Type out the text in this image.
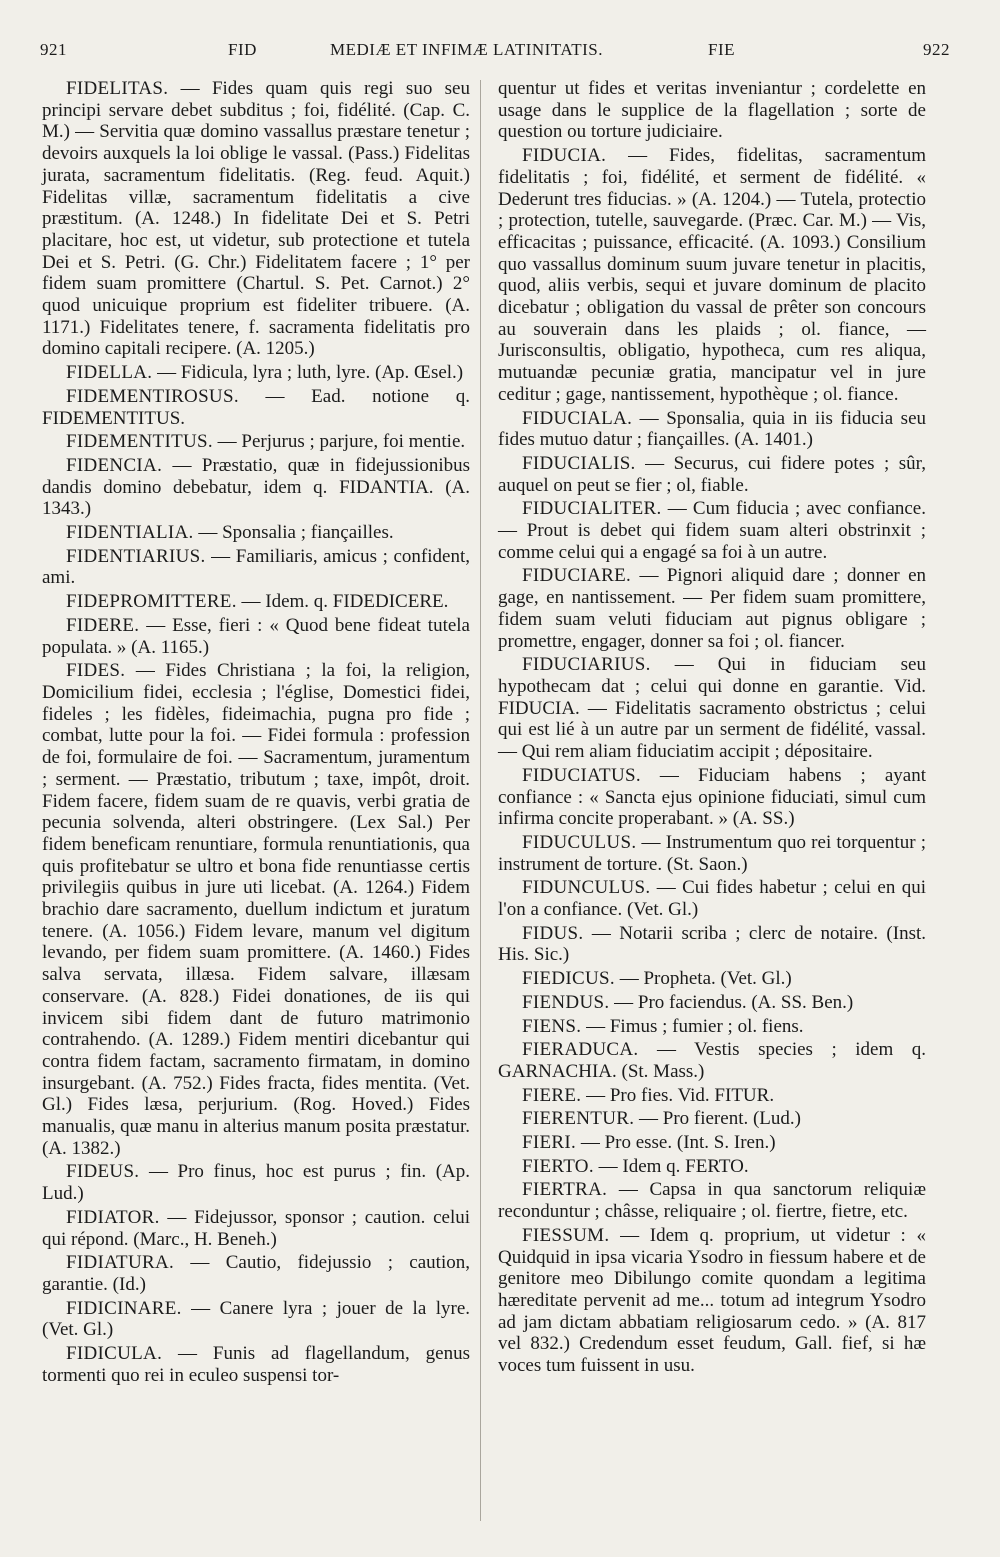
921	FID	MEDIÆ ET INFIMÆ LATINITATIS.	FIE	922

FIDELITAS. — Fides quam quis regi suo seu principi servare debet subditus ; foi, fidélité. (Cap. C. M.) — Servitia quæ domino vassallus præstare tenetur ; devoirs auxquels la loi oblige le vassal. (Pass.) Fidelitas jurata, sacramentum fidelitatis. (Reg. feud. Aquit.) Fidelitas villæ, sacramentum fidelitatis a cive præstitum. (A. 1248.) In fidelitate Dei et S. Petri placitare, hoc est, ut videtur, sub protectione et tutela Dei et S. Petri. (G. Chr.) Fidelitatem facere ; 1° per fidem suam promittere (Chartul. S. Pet. Carnot.) 2° quod unicuique proprium est fideliter tribuere. (A. 1171.) Fidelitates tenere, f. sacramenta fidelitatis pro domino capitali recipere. (A. 1205.)

FIDELLA. — Fidicula, lyra ; luth, lyre. (Ap. Œsel.)

FIDEMENTIROSUS. — Ead. notione q. FIDEMENTITUS.

FIDEMENTITUS. — Perjurus ; parjure, foi mentie.

FIDENCIA. — Præstatio, quæ in fidejussionibus dandis domino debebatur, idem q. FIDANTIA. (A. 1343.)

FIDENTIALIA. — Sponsalia ; fiançailles.

FIDENTIARIUS. — Familiaris, amicus ; confident, ami.

FIDEPROMITTERE. — Idem. q. FIDEDICERE.

FIDERE. — Esse, fieri : « Quod bene fideat tutela populata. » (A. 1165.)

FIDES. — Fides Christiana ; la foi, la religion, Domicilium fidei, ecclesia ; l'église, Domestici fidei, fideles ; les fidèles, fideimachia, pugna pro fide ; combat, lutte pour la foi. — Fidei formula : profession de foi, formulaire de foi. — Sacramentum, juramentum ; serment. — Præstatio, tributum ; taxe, impôt, droit. Fidem facere, fidem suam de re quavis, verbi gratia de pecunia solvenda, alteri obstringere. (Lex Sal.) Per fidem beneficam renuntiare, formula renuntiationis, qua quis profitebatur se ultro et bona fide renuntiasse certis privilegiis quibus in jure uti licebat. (A. 1264.) Fidem brachio dare sacramento, duellum indictum et juratum tenere. (A. 1056.) Fidem levare, manum vel digitum levando, per fidem suam promittere. (A. 1460.) Fides salva servata, illæsa. Fidem salvare, illæsam conservare. (A. 828.) Fidei donationes, de iis qui invicem sibi fidem dant de futuro matrimonio contrahendo. (A. 1289.) Fidem mentiri dicebantur qui contra fidem factam, sacramento firmatam, in domino insurgebant. (A. 752.) Fides fracta, fides mentita. (Vet. Gl.) Fides læsa, perjurium. (Rog. Hoved.) Fides manualis, quæ manu in alterius manum posita præstatur. (A. 1382.)

FIDEUS. — Pro finus, hoc est purus ; fin. (Ap. Lud.)

FIDIATOR. — Fidejussor, sponsor ; caution. celui qui répond. (Marc., H. Beneh.)

FIDIATURA. — Cautio, fidejussio ; caution, garantie. (Id.)

FIDICINARE. — Canere lyra ; jouer de la lyre. (Vet. Gl.)

FIDICULA. — Funis ad flagellandum, genus tormenti quo rei in eculeo suspensi tor-

quentur ut fides et veritas inveniantur ; cordelette en usage dans le supplice de la flagellation ; sorte de question ou torture judiciaire.

FIDUCIA. — Fides, fidelitas, sacramentum fidelitatis ; foi, fidélité, et serment de fidélité. « Dederunt tres fiducias. » (A. 1204.) — Tutela, protectio ; protection, tutelle, sauvegarde. (Præc. Car. M.) — Vis, efficacitas ; puissance, efficacité. (A. 1093.) Consilium quo vassallus dominum suum juvare tenetur in placitis, quod, aliis verbis, sequi et juvare dominum de placito dicebatur ; obligation du vassal de prêter son concours au souverain dans les plaids ; ol. fiance, — Jurisconsultis, obligatio, hypotheca, cum res aliqua, mutuandæ pecuniæ gratia, mancipatur vel in jure ceditur ; gage, nantissement, hypothèque ; ol. fiance.

FIDUCIALA. — Sponsalia, quia in iis fiducia seu fides mutuo datur ; fiançailles. (A. 1401.)

FIDUCIALIS. — Securus, cui fidere potes ; sûr, auquel on peut se fier ; ol, fiable.

FIDUCIALITER. — Cum fiducia ; avec confiance. — Prout is debet qui fidem suam alteri obstrinxit ; comme celui qui a engagé sa foi à un autre.

FIDUCIARE. — Pignori aliquid dare ; donner en gage, en nantissement. — Per fidem suam promittere, fidem suam veluti fiduciam aut pignus obligare ; promettre, engager, donner sa foi ; ol. fiancer.

FIDUCIARIUS. — Qui in fiduciam seu hypothecam dat ; celui qui donne en garantie. Vid. FIDUCIA. — Fidelitatis sacramento obstrictus ; celui qui est lié à un autre par un serment de fidélité, vassal. — Qui rem aliam fiduciatim accipit ; dépositaire.

FIDUCIATUS. — Fiduciam habens ; ayant confiance : « Sancta ejus opinione fiduciati, simul cum infirma concite properabant. » (A. SS.)

FIDUCULUS. — Instrumentum quo rei torquentur ; instrument de torture. (St. Saon.)

FIDUNCULUS. — Cui fides habetur ; celui en qui l'on a confiance. (Vet. Gl.)

FIDUS. — Notarii scriba ; clerc de notaire. (Inst. His. Sic.)

FIEDICUS. — Propheta. (Vet. Gl.)

FIENDUS. — Pro faciendus. (A. SS. Ben.)

FIENS. — Fimus ; fumier ; ol. fiens.

FIERADUCA. — Vestis species ; idem q. GARNACHIA. (St. Mass.)

FIERE. — Pro fies. Vid. FITUR.

FIERENTUR. — Pro fierent. (Lud.)

FIERI. — Pro esse. (Int. S. Iren.)

FIERTO. — Idem q. FERTO.

FIERTRA. — Capsa in qua sanctorum reliquiæ reconduntur ; châsse, reliquaire ; ol. fiertre, fietre, etc.

FIESSUM. — Idem q. proprium, ut videtur : « Quidquid in ipsa vicaria Ysodro in fiessum habere et de genitore meo Dibilungo comite quondam a legitima hæreditate pervenit ad me... totum ad integrum Ysodro ad jam dictam abbatiam religiosarum cedo. » (A. 817 vel 832.) Credendum esset feudum, Gall. fief, si hæ voces tum fuissent in usu.
